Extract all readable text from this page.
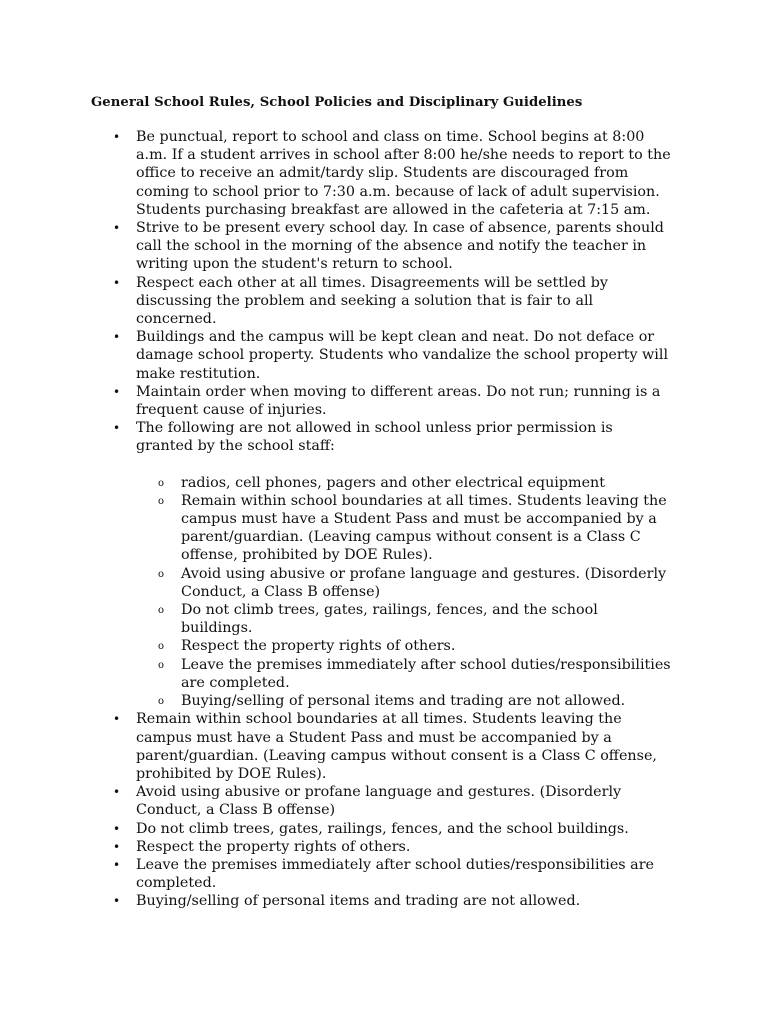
General School Rules, School Policies and Disciplinary Guidelines
•	Be punctual, report to school and class on time. School begins at 8:00 a.m. If a student arrives in school after 8:00 he/she needs to report to the office to receive an admit/tardy slip. Students are discouraged from coming to school prior to 7:30 a.m. because of lack of adult supervision. Students purchasing breakfast are allowed in the cafeteria at 7:15 am.
•	Strive to be present every school day. In case of absence, parents should call the school in the morning of the absence and notify the teacher in writing upon the student's return to school.
•	Respect each other at all times. Disagreements will be settled by discussing the problem and seeking a solution that is fair to all concerned.
•	Buildings and the campus will be kept clean and neat. Do not deface or damage school property. Students who vandalize the school property will make restitution.
•	Maintain order when moving to different areas. Do not run; running is a frequent cause of injuries.
•	The following are not allowed in school unless prior permission is granted by the school staff:
o radios, cell phones, pagers and other electrical equipment
o Remain within school boundaries at all times. Students leaving the campus must have a Student Pass and must be accompanied by a parent/guardian. (Leaving campus without consent is a Class C offense, prohibited by DOE Rules).
o Avoid using abusive or profane language and gestures. (Disorderly Conduct, a Class B offense)
o Do not climb trees, gates, railings, fences, and the school buildings.
o Respect the property rights of others.
o Leave the premises immediately after school duties/responsibilities are completed.
o Buying/selling of personal items and trading are not allowed.
•	Remain within school boundaries at all times. Students leaving the campus must have a Student Pass and must be accompanied by a parent/guardian. (Leaving campus without consent is a Class C offense, prohibited by DOE Rules).
•	Avoid using abusive or profane language and gestures. (Disorderly Conduct, a Class B offense)
•	Do not climb trees, gates, railings, fences, and the school buildings.
•	Respect the property rights of others.
•	Leave the premises immediately after school duties/responsibilities are completed.
•	Buying/selling of personal items and trading are not allowed.
